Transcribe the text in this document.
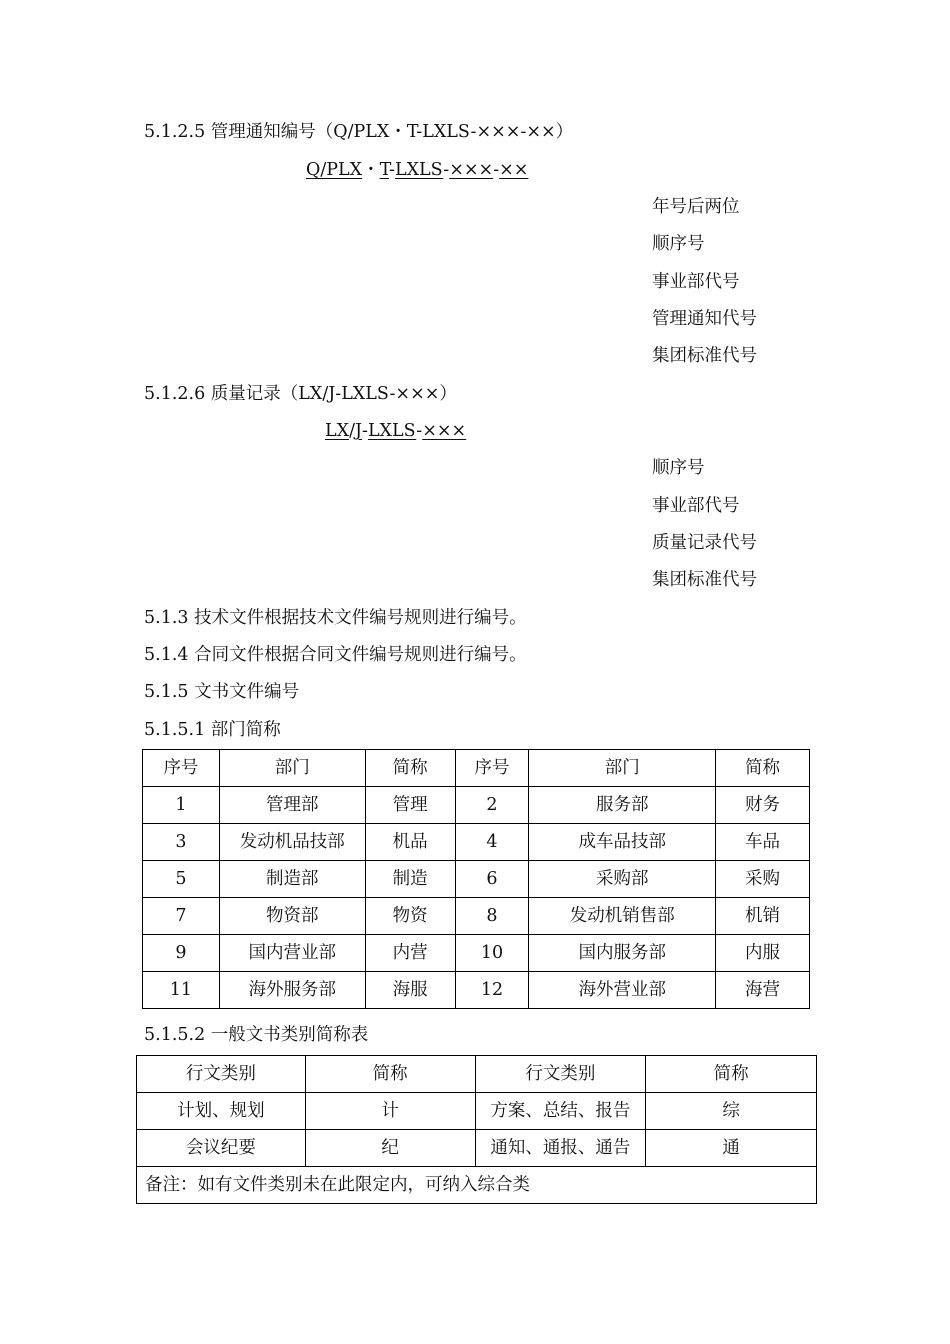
5.1.2.5 管理通知编号（Q/PLX・T-LXLS-×××-××）
Q/PLX・T-LXLS-×××-××
年号后两位
顺序号
事业部代号
管理通知代号
集团标准代号
5.1.2.6 质量记录（LX/J-LXLS-×××）
LX/J-LXLS-×××
顺序号
事业部代号
质量记录代号
集团标准代号
5.1.3 技术文件根据技术文件编号规则进行编号。
5.1.4 合同文件根据合同文件编号规则进行编号。
5.1.5 文书文件编号
5.1.5.1 部门简称
序号	部门	简称	序号	部门	简称
1	管理部	管理	2	服务部	财务
3	发动机品技部	机品	4	成车品技部	车品
5	制造部	制造	6	采购部	采购
7	物资部	物资	8	发动机销售部	机销
9	国内营业部	内营	10	国内服务部	内服
11	海外服务部	海服	12	海外营业部	海营
5.1.5.2 一般文书类别简称表
行文类别	简称	行文类别	简称
计划、规划	计	方案、总结、报告	综
会议纪要	纪	通知、通报、通告	通
备注：如有文件类别未在此限定内，可纳入综合类			
